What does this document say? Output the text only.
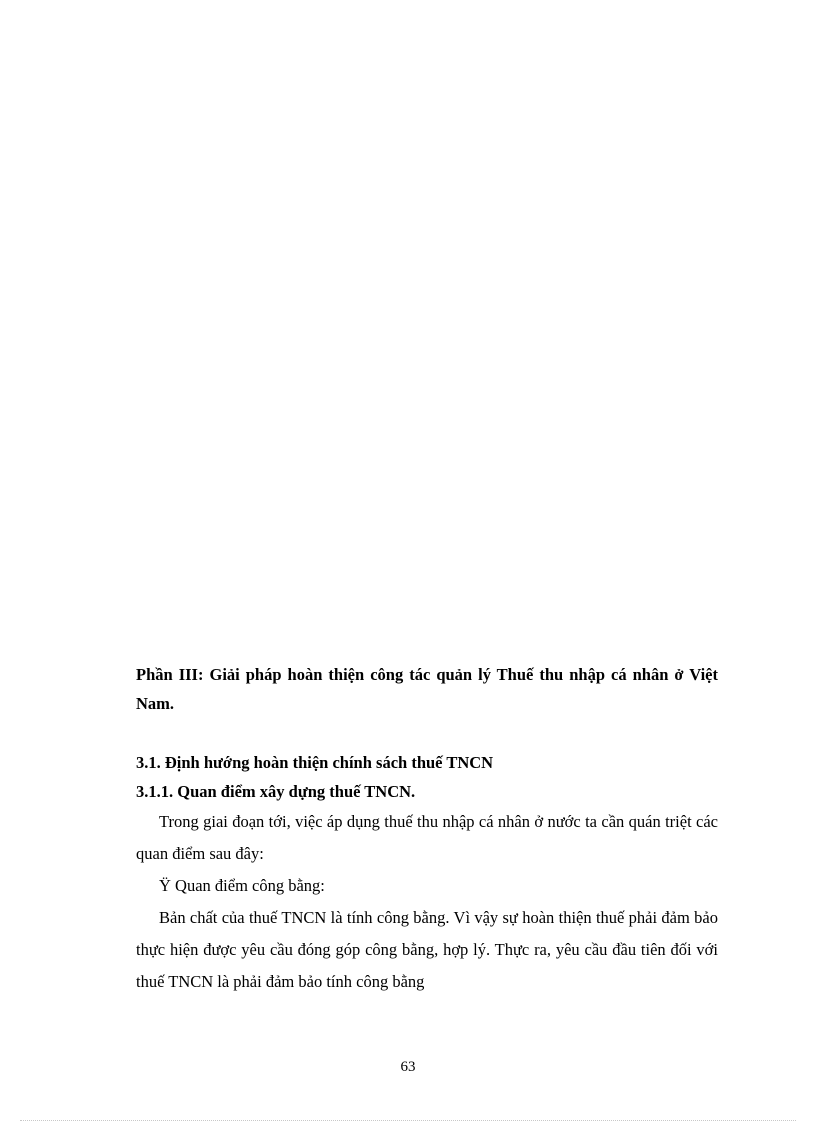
Phần III: Giải pháp hoàn thiện công tác quản lý Thuế thu nhập cá nhân ở Việt Nam.

3.1. Định hướng hoàn thiện chính sách thuế TNCN

3.1.1. Quan điểm xây dựng thuế TNCN.

Trong giai đoạn tới, việc áp dụng thuế thu nhập cá nhân ở nước ta cần quán triệt các quan điểm sau đây:

Ÿ Quan điểm công bằng:

Bản chất của thuế TNCN là tính công bằng. Vì vậy sự hoàn thiện thuế phải đảm bảo thực hiện được yêu cầu đóng góp công bằng, hợp lý. Thực ra, yêu cầu đầu tiên đối với thuế TNCN là phải đảm bảo tính công bằng

63
